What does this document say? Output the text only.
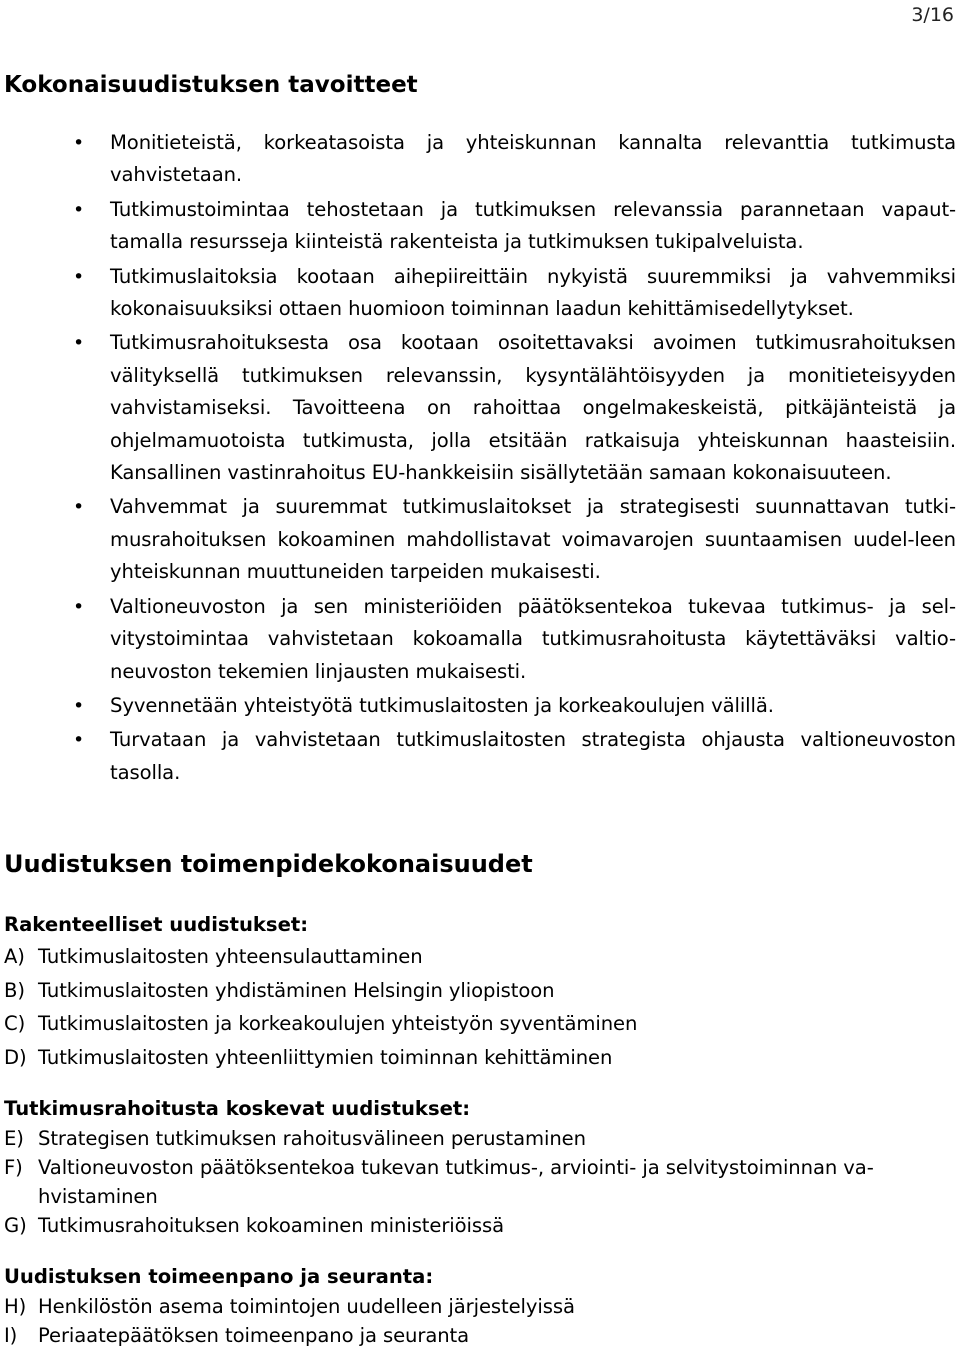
3/16
Kokonaisuudistuksen tavoitteet
• Monitieteistä, korkeatasoista ja yhteiskunnan kannalta relevanttia tutkimusta vahvistetaan.
• Tutkimustoimintaa tehostetaan ja tutkimuksen relevanssia parannetaan vapaut-tamalla resursseja kiinteistä rakenteista ja tutkimuksen tukipalveluista.
• Tutkimuslaitoksia kootaan aihepiireittäin nykyistä suuremmiksi ja vahvemmiksi kokonaisuuksiksi ottaen huomioon toiminnan laadun kehittämisedellytykset.
• Tutkimusrahoituksesta osa kootaan osoitettavaksi avoimen tutkimusrahoituksen välityksellä tutkimuksen relevanssin, kysyntälähtöisyyden ja monitieteisyyden vahvistamiseksi. Tavoitteena on rahoittaa ongelmakeskeistä, pitkäjänteistä ja ohjelmamuotoista tutkimusta, jolla etsitään ratkaisuja yhteiskunnan haasteisiin. Kansallinen vastinrahoitus EU-hankkeisiin sisällytetään samaan kokonaisuuteen.
• Vahvemmat ja suuremmat tutkimuslaitokset ja strategisesti suunnattavan tutki-musrahoituksen kokoaminen mahdollistavat voimavarojen suuntaamisen uudel-leen yhteiskunnan muuttuneiden tarpeiden mukaisesti.
• Valtioneuvoston ja sen ministeriöiden päätöksentekoa tukevaa tutkimus- ja sel-vitystoimintaa vahvistetaan kokoamalla tutkimusrahoitusta käytettäväksi valtio-neuvoston tekemien linjausten mukaisesti.
• Syvennetään yhteistyötä tutkimuslaitosten ja korkeakoulujen välillä.
• Turvataan ja vahvistetaan tutkimuslaitosten strategista ohjausta valtioneuvoston tasolla.
Uudistuksen toimenpidekokonaisuudet
Rakenteelliset uudistukset:
A) Tutkimuslaitosten yhteensulauttaminen
B) Tutkimuslaitosten yhdistäminen Helsingin yliopistoon
C) Tutkimuslaitosten ja korkeakoulujen yhteistyön syventäminen
D) Tutkimuslaitosten yhteenliittymien toiminnan kehittäminen
Tutkimusrahoitusta koskevat uudistukset:
E) Strategisen tutkimuksen rahoitusvälineen perustaminen
F) Valtioneuvoston päätöksentekoa tukevan tutkimus-, arviointi- ja selvitystoiminnan va-hvistaminen
G) Tutkimusrahoituksen kokoaminen ministeriöissä
Uudistuksen toimeenpano ja seuranta:
H) Henkilöstön asema toimintojen uudelleen järjestelyissä
I) Periaatepäätöksen toimeenpano ja seuranta
